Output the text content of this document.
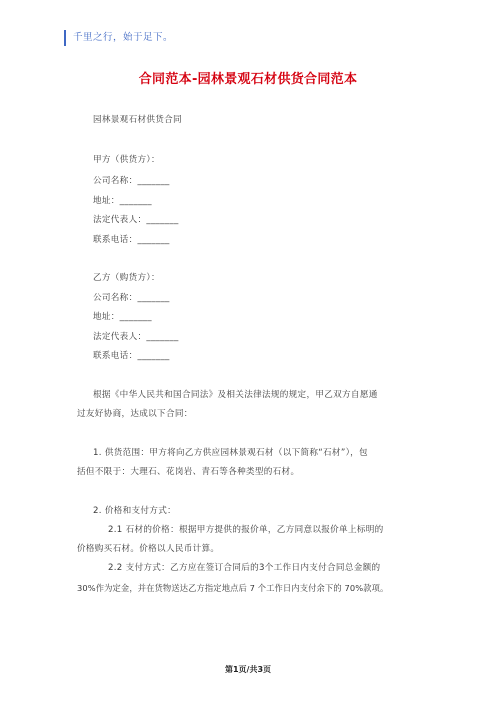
千里之行，始于足下。
合同范本-园林景观石材供货合同范本
园林景观石材供货合同
甲方（供货方）：
公司名称：_______
地址：_______
法定代表人：_______
联系电话：_______
乙方（购货方）：
公司名称：_______
地址：_______
法定代表人：_______
联系电话：_______
根据《中华人民共和国合同法》及相关法律法规的规定，甲乙双方自愿通
过友好协商，达成以下合同：
1. 供货范围：甲方将向乙方供应园林景观石材（以下简称“石材”），包
括但不限于：大理石、花岗岩、青石等各种类型的石材。
2. 价格和支付方式：
2.1 石材的价格：根据甲方提供的报价单，乙方同意以报价单上标明的
价格购买石材。价格以人民币计算。
2.2 支付方式：乙方应在签订合同后的3个工作日内支付合同总金额的
30%作为定金，并在货物送达乙方指定地点后 7 个工作日内支付余下的 70%款项。
第1页/共3页
